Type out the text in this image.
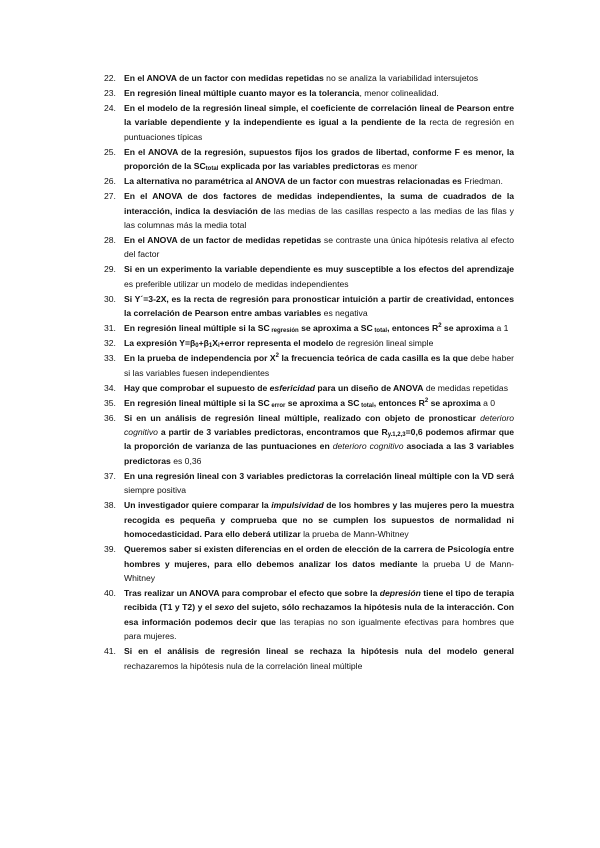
22. En el ANOVA de un factor con medidas repetidas no se analiza la variabilidad intersujetos
23. En regresión lineal múltiple cuanto mayor es la tolerancia, menor colinealidad.
24. En el modelo de la regresión lineal simple, el coeficiente de correlación lineal de Pearson entre la variable dependiente y la independiente es igual a la pendiente de la recta de regresión en puntuaciones típicas
25. En el ANOVA de la regresión, supuestos fijos los grados de libertad, conforme F es menor, la proporción de la $SC_{total}$ explicada por las variables predictoras es menor
26. La alternativa no paramétrica al ANOVA de un factor con muestras relacionadas es Friedman.
27. En el ANOVA de dos factores de medidas independientes, la suma de cuadrados de la interacción, indica la desviación de las medias de las casillas respecto a las medias de las filas y las columnas más la media total
28. En el ANOVA de un factor de medidas repetidas se contraste una única hipótesis relativa al efecto del factor
29. Si en un experimento la variable dependiente es muy susceptible a los efectos del aprendizaje es preferible utilizar un modelo de medidas independientes
30. Si Y´=3-2X, es la recta de regresión para pronosticar intuición a partir de creatividad, entonces la correlación de Pearson entre ambas variables es negativa
31. En regresión lineal múltiple si la SC $_{regresión}$ se aproxima a SC $_{total}$, entonces $R^2$ se aproxima a 1
32. La expresión $Y=\beta_0+\beta_1X_i+error$ representa el modelo de regresión lineal simple
33. En la prueba de independencia por $X^2$ la frecuencia teórica de cada casilla es la que debe haber si las variables fuesen independientes
34. Hay que comprobar el supuesto de esfericidad para un diseño de ANOVA de medidas repetidas
35. En regresión lineal múltiple si la SC $_{error}$ se aproxima a SC $_{total}$, entonces $R^2$ se aproxima a 0
36. Si en un análisis de regresión lineal múltiple, realizado con objeto de pronosticar deterioro cognitivo a partir de 3 variables predictoras, encontramos que $R_{y.1,2,3}=0,6$ podemos afirmar que la proporción de varianza de las puntuaciones en deterioro cognitivo asociada a las 3 variables predictoras es 0,36
37. En una regresión lineal con 3 variables predictoras la correlación lineal múltiple con la VD será siempre positiva
38. Un investigador quiere comparar la impulsividad de los hombres y las mujeres pero la muestra recogida es pequeña y comprueba que no se cumplen los supuestos de normalidad ni homocedasticidad. Para ello deberá utilizar la prueba de Mann-Whitney
39. Queremos saber si existen diferencias en el orden de elección de la carrera de Psicología entre hombres y mujeres, para ello debemos analizar los datos mediante la prueba U de Mann-Whitney
40. Tras realizar un ANOVA para comprobar el efecto que sobre la depresión tiene el tipo de terapia recibida (T1 y T2) y el sexo del sujeto, sólo rechazamos la hipótesis nula de la interacción. Con esa información podemos decir que las terapias no son igualmente efectivas para hombres que para mujeres.
41. Si en el análisis de regresión lineal se rechaza la hipótesis nula del modelo general rechazaremos la hipótesis nula de la correlación lineal múltiple
